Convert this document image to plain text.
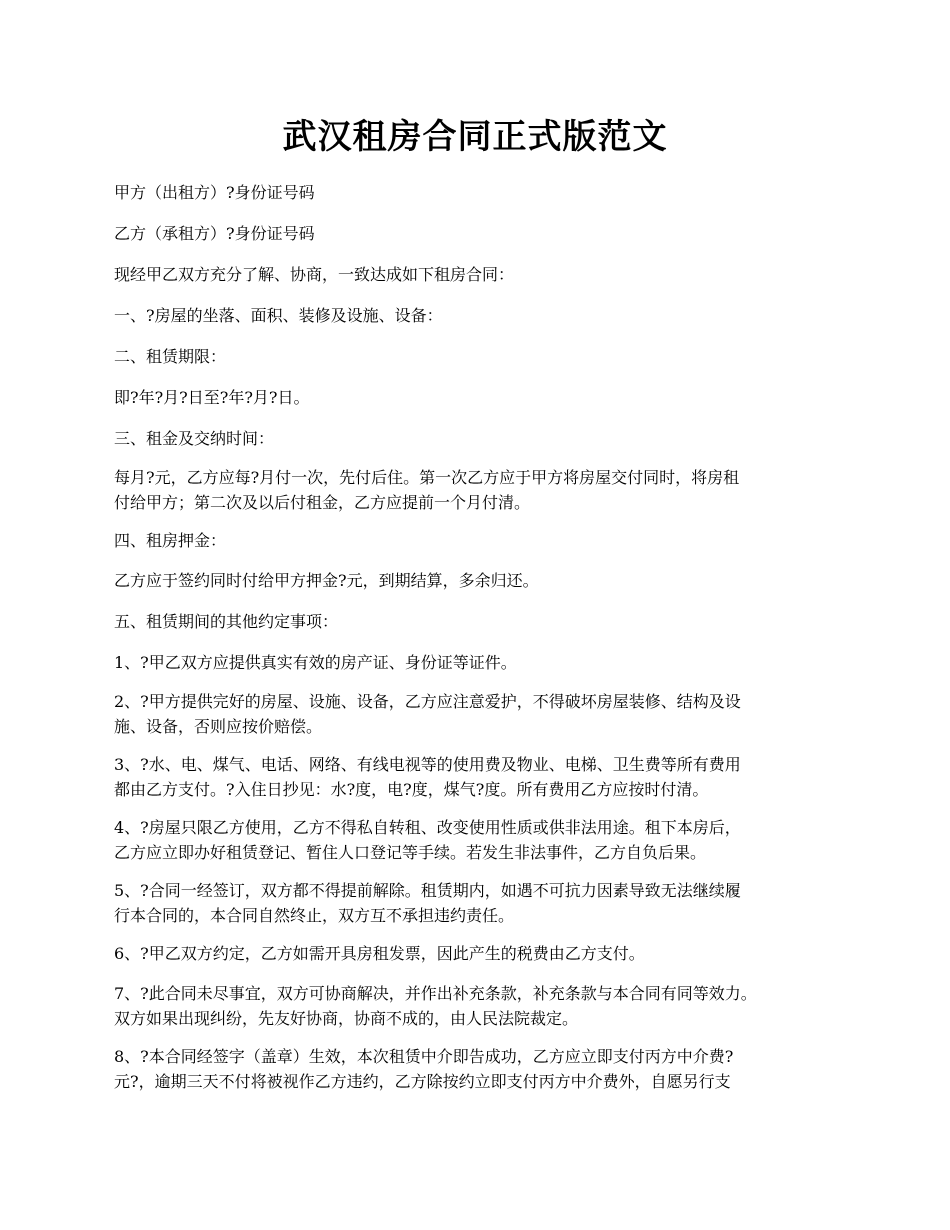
武汉租房合同正式版范文
甲方（出租方）?身份证号码
乙方（承租方）?身份证号码
现经甲乙双方充分了解、协商，一致达成如下租房合同：
一、?房屋的坐落、面积、装修及设施、设备：
二、租赁期限：
即?年?月?日至?年?月?日。
三、租金及交纳时间：
每月?元，乙方应每?月付一次，先付后住。第一次乙方应于甲方将房屋交付同时，将房租
付给甲方；第二次及以后付租金，乙方应提前一个月付清。
四、租房押金：
乙方应于签约同时付给甲方押金?元，到期结算，多余归还。
五、租赁期间的其他约定事项：
1、?甲乙双方应提供真实有效的房产证、身份证等证件。
2、?甲方提供完好的房屋、设施、设备，乙方应注意爱护，不得破坏房屋装修、结构及设
施、设备，否则应按价赔偿。
3、?水、电、煤气、电话、网络、有线电视等的使用费及物业、电梯、卫生费等所有费用
都由乙方支付。?入住日抄见：水?度，电?度，煤气?度。所有费用乙方应按时付清。
4、?房屋只限乙方使用，乙方不得私自转租、改变使用性质或供非法用途。租下本房后，
乙方应立即办好租赁登记、暂住人口登记等手续。若发生非法事件，乙方自负后果。
5、?合同一经签订，双方都不得提前解除。租赁期内，如遇不可抗力因素导致无法继续履
行本合同的，本合同自然终止，双方互不承担违约责任。
6、?甲乙双方约定，乙方如需开具房租发票，因此产生的税费由乙方支付。
7、?此合同未尽事宜，双方可协商解决，并作出补充条款，补充条款与本合同有同等效力。
双方如果出现纠纷，先友好协商，协商不成的，由人民法院裁定。
8、?本合同经签字（盖章）生效，本次租赁中介即告成功，乙方应立即支付丙方中介费?
元?，逾期三天不付将被视作乙方违约，乙方除按约立即支付丙方中介费外，自愿另行支
